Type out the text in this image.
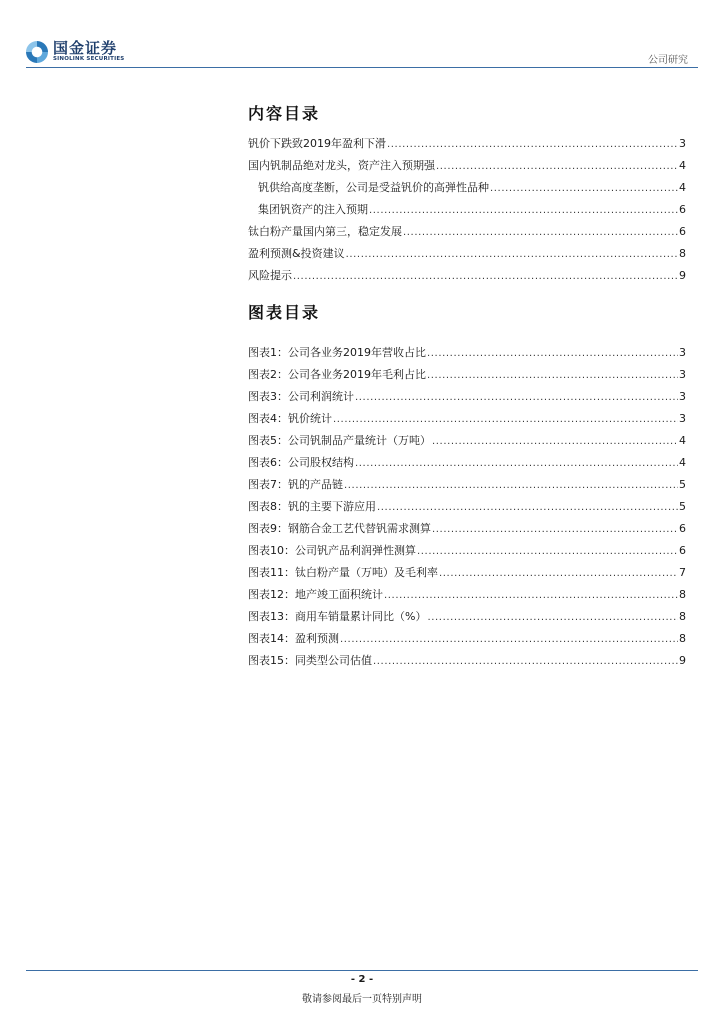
国金证券
SINOLINK SECURITIES	公司研究
内容目录
钒价下跌致2019年盈利下滑 .....	3
国内钒制品绝对龙头，资产注入预期强 .....	4
钒供给高度垄断，公司是受益钒价的高弹性品种 .....	4
集团钒资产的注入预期 .....	6
钛白粉产量国内第三，稳定发展 .....	6
盈利预测&投资建议 .....	8
风险提示 .....	9
图表目录
图表1：公司各业务2019年营收占比 .....	3
图表2：公司各业务2019年毛利占比 .....	3
图表3：公司利润统计 .....	3
图表4：钒价统计 .....	3
图表5：公司钒制品产量统计（万吨） .....	4
图表6：公司股权结构 .....	4
图表7：钒的产品链 .....	5
图表8：钒的主要下游应用 .....	5
图表9：钢筋合金工艺代替钒需求测算 .....	6
图表10：公司钒产品利润弹性测算 .....	6
图表11：钛白粉产量（万吨）及毛利率 .....	7
图表12：地产竣工面积统计 .....	8
图表13：商用车销量累计同比（%） .....	8
图表14：盈利预测 .....	8
图表15：同类型公司估值 .....	9
- 2 -
敬请参阅最后一页特别声明
